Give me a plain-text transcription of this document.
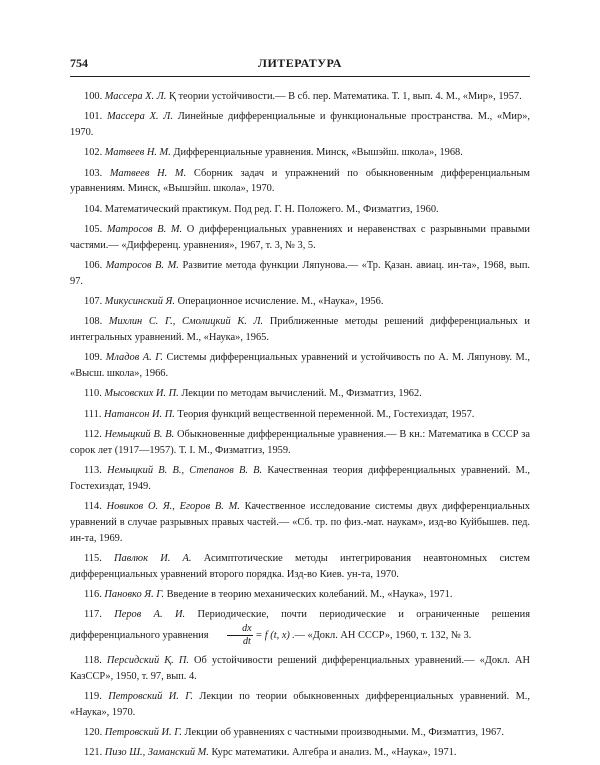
754	ЛИТЕРАТУРА

100. Массера Х. Л. Қ теории устойчивости.— В сб. пер. Математика. Т. 1, вып. 4. М., «Мир», 1957.

101. Массера Х. Л. Линейные дифференциальные и функциональные пространства. М., «Мир», 1970.

102. Матвеев Н. М. Дифференциальные уравнения. Минск, «Вышэйш. школа», 1968.

103. Матвеев Н. М. Сборник задач и упражнений по обыкновенным дифференциальным уравнениям. Минск, «Вышэйш. школа», 1970.

104. Математический практикум. Под ред. Г. Н. Положего. М., Физматгиз, 1960.

105. Матросов В. М. О дифференциальных уравнениях и неравенствах с разрывными правыми частями.— «Дифференц. уравнения», 1967, т. 3, № 3, 5.

106. Матросов В. М. Развитие метода функции Ляпунова.— «Тр. Қазан. авиац. ин-та», 1968, вып. 97.

107. Микусинский Я. Операционное исчисление. М., «Наука», 1956.

108. Михлин С. Г., Смолицкий К. Л. Приближенные методы решений дифференциальных и интегральных уравнений. М., «Наука», 1965.

109. Младов А. Г. Системы дифференциальных уравнений и устойчивость по А. М. Ляпунову. М., «Высш. школа», 1966.

110. Мысовских И. П. Лекции по методам вычислений. М., Физматгиз, 1962.

111. Натансон И. П. Теория функций вещественной переменной. М., Гостехиздат, 1957.

112. Немыцкий В. В. Обыкновенные дифференциальные уравнения.— В кн.: Математика в СССР за сорок лет (1917—1957). Т. I. М., Физматгиз, 1959.

113. Немыцкий В. В., Степанов В. В. Качественная теория дифференциальных уравнений. М., Гостехиздат, 1949.

114. Новиков О. Я., Егоров В. М. Качественное исследование системы двух дифференциальных уравнений в случае разрывных правых частей.— «Сб. тр. по физ.-мат. наукам», изд-во Куйбышев. пед. ин-та, 1969.

115. Павлюк И. А. Асимптотические методы интегрирования неавтономных систем дифференциальных уравнений второго порядка. Изд-во Киев. ун-та, 1970.

116. Пановко Я. Г. Введение в теорию механических колебаний. М., «Наука», 1971.

117. Перов А. И. Периодические, почти периодические и ограниченные решения дифференциального уравнения $\frac{dx}{dt} = f$ (t, x) .— «Докл. АН СССР», 1960, т. 132, № 3.

118. Персидский Қ. П. Об устойчивости решений дифференциальных уравнений.— «Докл. АН КазССР», 1950, т. 97, вып. 4.

119. Петровский И. Г. Лекции по теории обыкновенных дифференциальных уравнений. М., «Наука», 1970.

120. Петровский И. Г. Лекции об уравнениях с частными производными. М., Физматгиз, 1967.

121. Пизо Ш., Заманский М. Курс математики. Алгебра и анализ. М., «Наука», 1971.
